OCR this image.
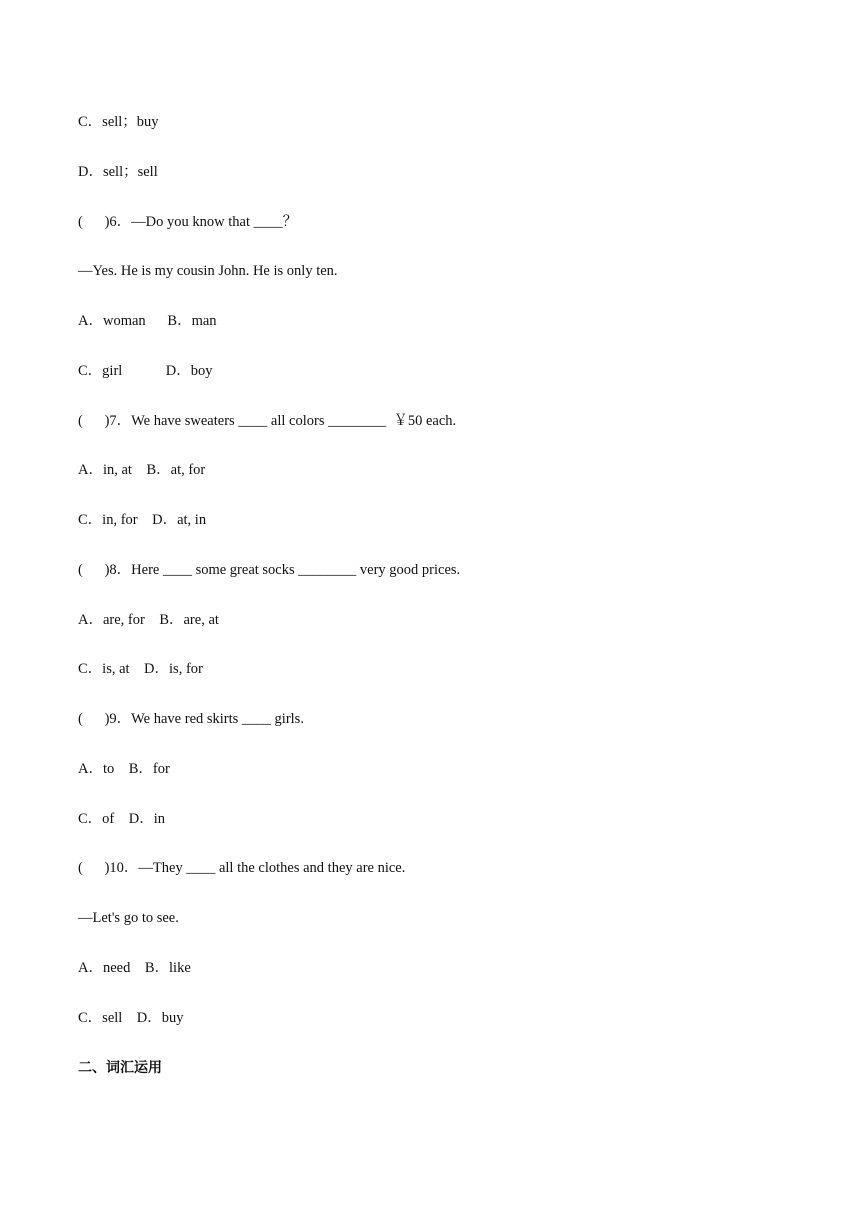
C．sell；buy
D．sell；sell
(      )6．—Do you know that ____？
—Yes. He is my cousin John. He is only ten.
A．woman      B．man
C．girl            D．boy
(      )7．We have sweaters ____ all colors ________  ￥50 each.
A．in, at    B．at, for
C．in, for    D．at, in
(      )8．Here ____ some great socks ________ very good prices.
A．are, for    B．are, at
C．is, at    D．is, for
(      )9．We have red skirts ____ girls.
A．to    B．for
C．of    D．in
(      )10．—They ____ all the clothes and they are nice.
—Let's go to see.
A．need    B．like
C．sell    D．buy
二、词汇运用
